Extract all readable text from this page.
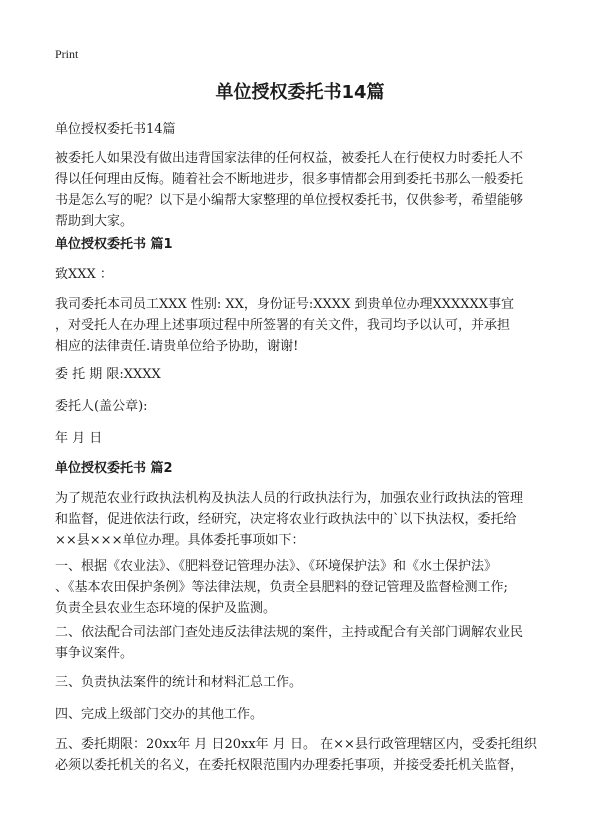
Print
单位授权委托书14篇

单位授权委托书14篇

被委托人如果没有做出违背国家法律的任何权益，被委托人在行使权力时委托人不

得以任何理由反悔。随着社会不断地进步，很多事情都会用到委托书那么一般委托

书是怎么写的呢？以下是小编帮大家整理的单位授权委托书，仅供参考，希望能够

帮助到大家。

单位授权委托书 篇1
致XXX ：

我司委托本司员工XXX 性别: XX，身份证号:XXXX 到贵单位办理XXXXXX事宜

，对受托人在办理上述事项过程中所签署的有关文件，我司均予以认可，并承担

相应的法律责任.请贵单位给予协助，谢谢!

委 托 期 限:XXXX
委托人(盖公章):
年 月 日
单位授权委托书 篇2

为了规范农业行政执法机构及执法人员的行政执法行为，加强农业行政执法的管理

和监督，促进依法行政，经研究，决定将农业行政执法中的`以下执法权，委托给

××县×××单位办理。具体委托事项如下：

一、根据《农业法》、《肥料登记管理办法》、《环境保护法》和《水土保护法》

、《基本农田保护条例》等法律法规，负责全县肥料的登记管理及监督检测工作;

负责全县农业生态环境的保护及监测。

二、依法配合司法部门查处违反法律法规的案件，主持或配合有关部门调解农业民

事争议案件。

三、负责执法案件的统计和材料汇总工作。
四、完成上级部门交办的其他工作。

五、委托期限：20xx年 月 日20xx年 月 日。 在××县行政管理辖区内，受委托组织

必须以委托机关的名义，在委托权限范围内办理委托事项，并接受委托机关监督，
